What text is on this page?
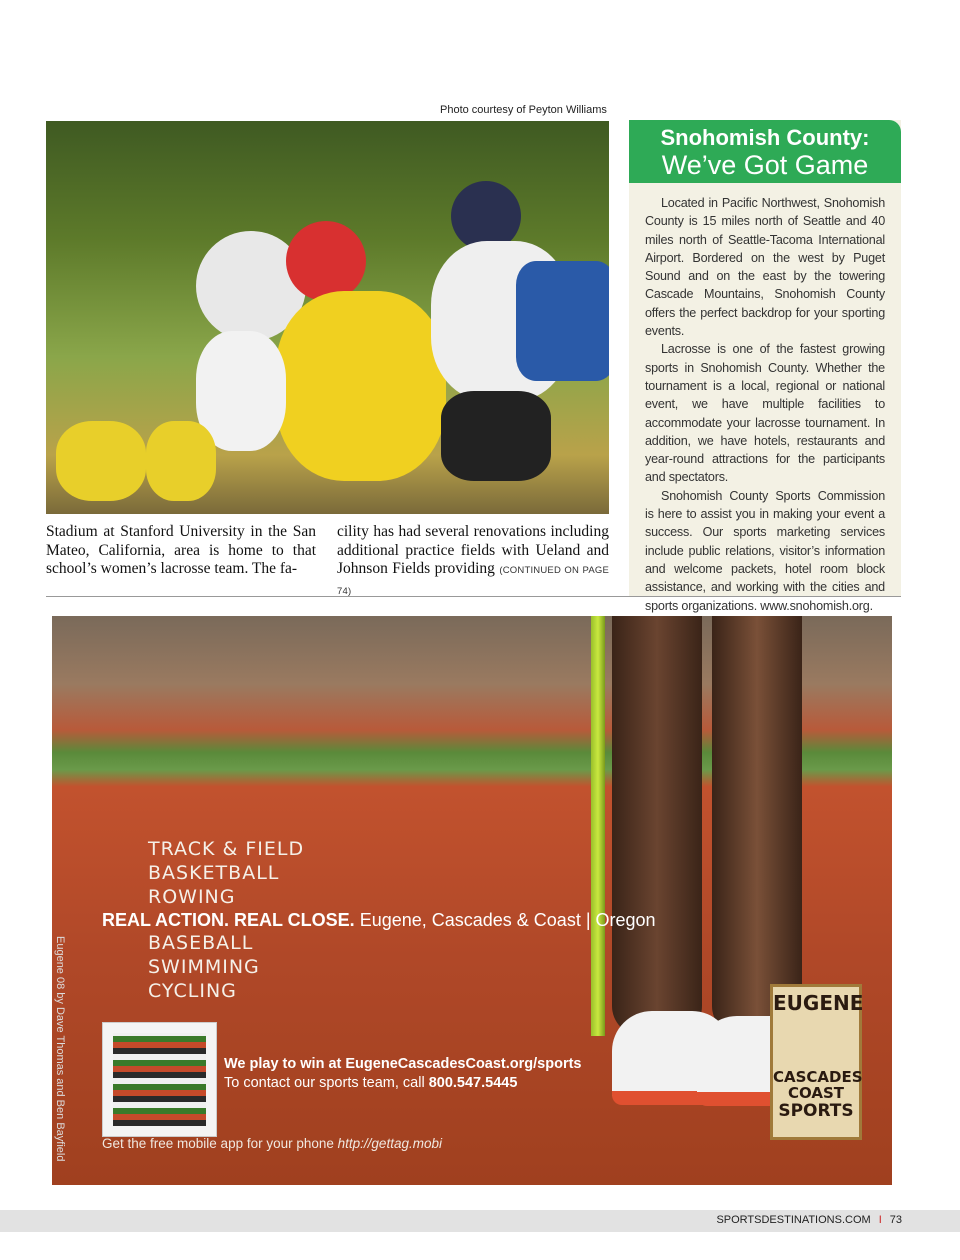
Photo courtesy of Peyton Williams
Stadium at Stanford University in the San Mateo, California, area is home to that school’s women’s lacrosse team. The fa-
cility has had several renovations including additional practice fields with Ueland and Johnson Fields providing (CONTINUED ON PAGE 74)
Snohomish County:
We’ve Got Game

Located in Pacific Northwest, Snohomish County is 15 miles north of Seattle and 40 miles north of Seattle-Tacoma International Airport. Bordered on the west by Puget Sound and on the east by the towering Cascade Mountains, Snohomish County offers the perfect backdrop for your sporting events.

Lacrosse is one of the fastest growing sports in Snohomish County. Whether the tournament is a local, regional or national event, we have multiple facilities to accommodate your lacrosse tournament. In addition, we have hotels, restaurants and year-round attractions for the participants and spectators.

Snohomish County Sports Commission is here to assist you in making your event a success. Our sports marketing services include public relations, visitor’s information and welcome packets, hotel room block assistance, and working with the cities and sports organizations. www.snohomish.org.

TRACK & FIELD
BASKETBALL
ROWING
REAL ACTION. REAL CLOSE. Eugene, Cascades & Coast | Oregon
BASEBALL
SWIMMING
CYCLING
Eugene 08 by Dave Thomas and Ben Bayfield	We play to win at EugeneCascadesCoast.org/sports
To contact our sports team, call 800.547.5445
Get the free mobile app for your phone http://gettag.mobi
EUGENE
CASCADES
COAST
SPORTS
SPORTSDESTINATIONS.COM I 73
